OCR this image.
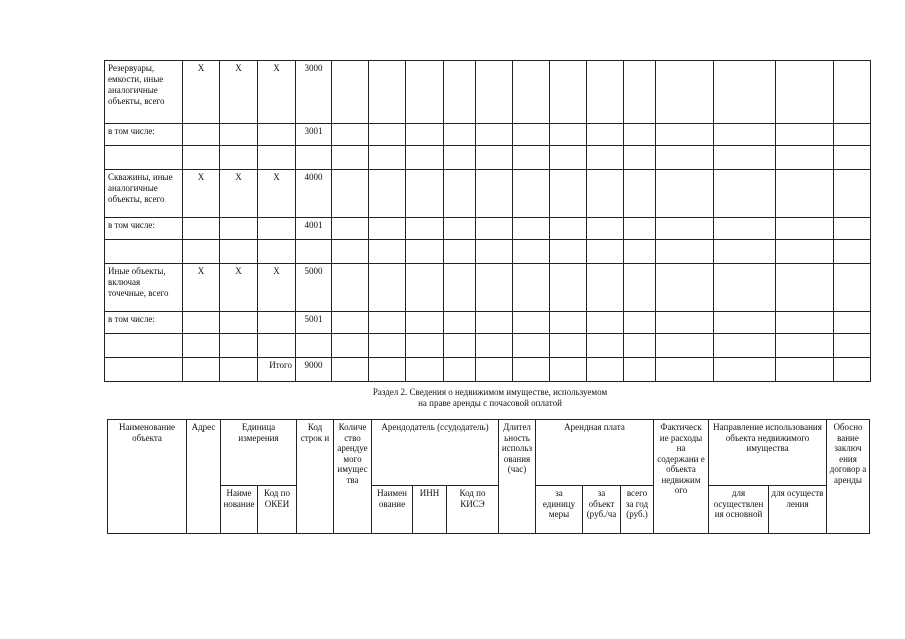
Резервуары, емкости, иные аналогичные объекты, всего	X	X	X	3000													
в том числе:				3001													

Скважины, иные аналогичные объекты, всего	X	X	X	4000													
в том числе:				4001													

Иные объекты, включая точечные, всего	X	X	X	5000													
в том числе:				5001													

			Итого	9000													
Раздел 2. Сведения о недвижимом имуществе, используемом
на праве аренды с почасовой оплатой
Наименование объекта	Адрес	Единица измерения		Код строк и	Количе ство арендуе мого имущес тва	Арендодатель (ссудодатель)			Длител ьность использ ования (час)	Арендная плата			Фактическ ие расходы на содержани е объекта недвижим ого	Направление использования объекта недвижимого имущества		Обосно вание заключ ения договор а аренды
		Наиме нование	Код по ОКЕИ			Наимен ование	ИНН	Код по КИСЭ		за единицу меры	за объект (руб./ча	всего за год (руб.)		для осуществлен ия основной	для осуществ ления	
